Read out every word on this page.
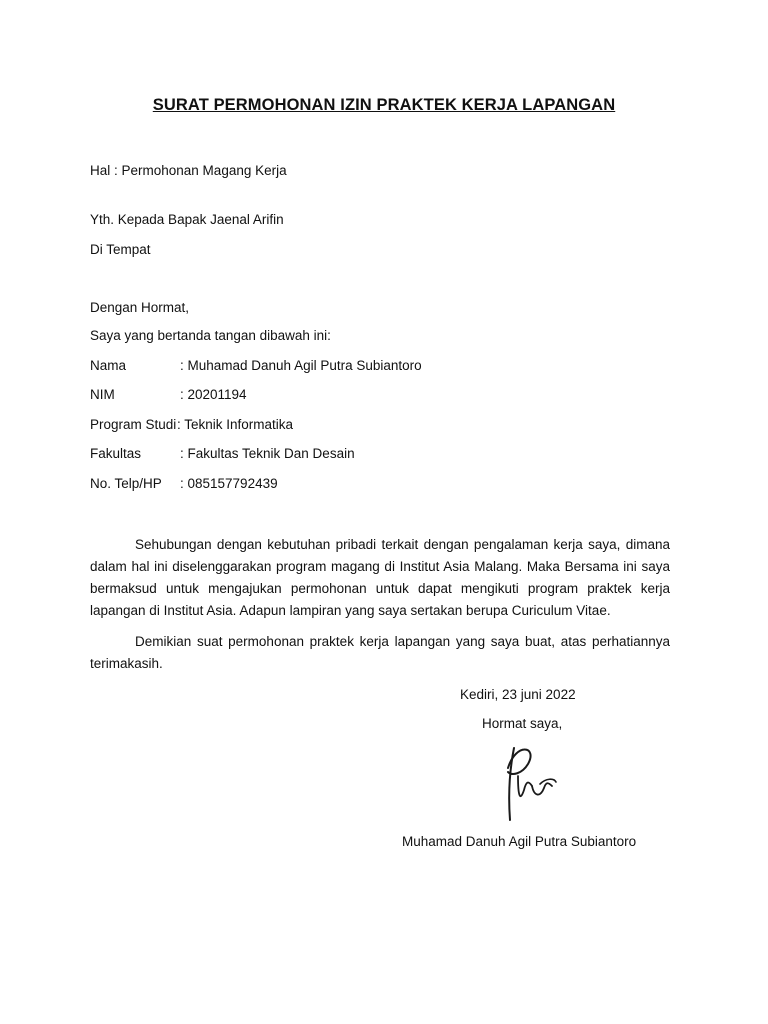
SURAT PERMOHONAN IZIN PRAKTEK KERJA LAPANGAN
Hal : Permohonan Magang Kerja
Yth. Kepada Bapak Jaenal Arifin
Di Tempat
Dengan Hormat,
Saya yang bertanda tangan dibawah ini:
Nama	: Muhamad Danuh Agil Putra Subiantoro
NIM	: 20201194
Program Studi : Teknik Informatika
Fakultas	: Fakultas Teknik Dan Desain
No. Telp/HP : 085157792439
Sehubungan dengan kebutuhan pribadi terkait dengan pengalaman kerja saya, dimana dalam hal ini diselenggarakan program magang di Institut Asia Malang. Maka Bersama ini saya bermaksud untuk mengajukan permohonan untuk dapat mengikuti program praktek kerja lapangan di Institut Asia. Adapun lampiran yang saya sertakan berupa Curiculum Vitae.
Demikian suat permohonan praktek kerja lapangan yang saya buat, atas perhatiannya terimakasih.
Kediri, 23 juni 2022
Hormat saya,
Muhamad Danuh Agil Putra Subiantoro
